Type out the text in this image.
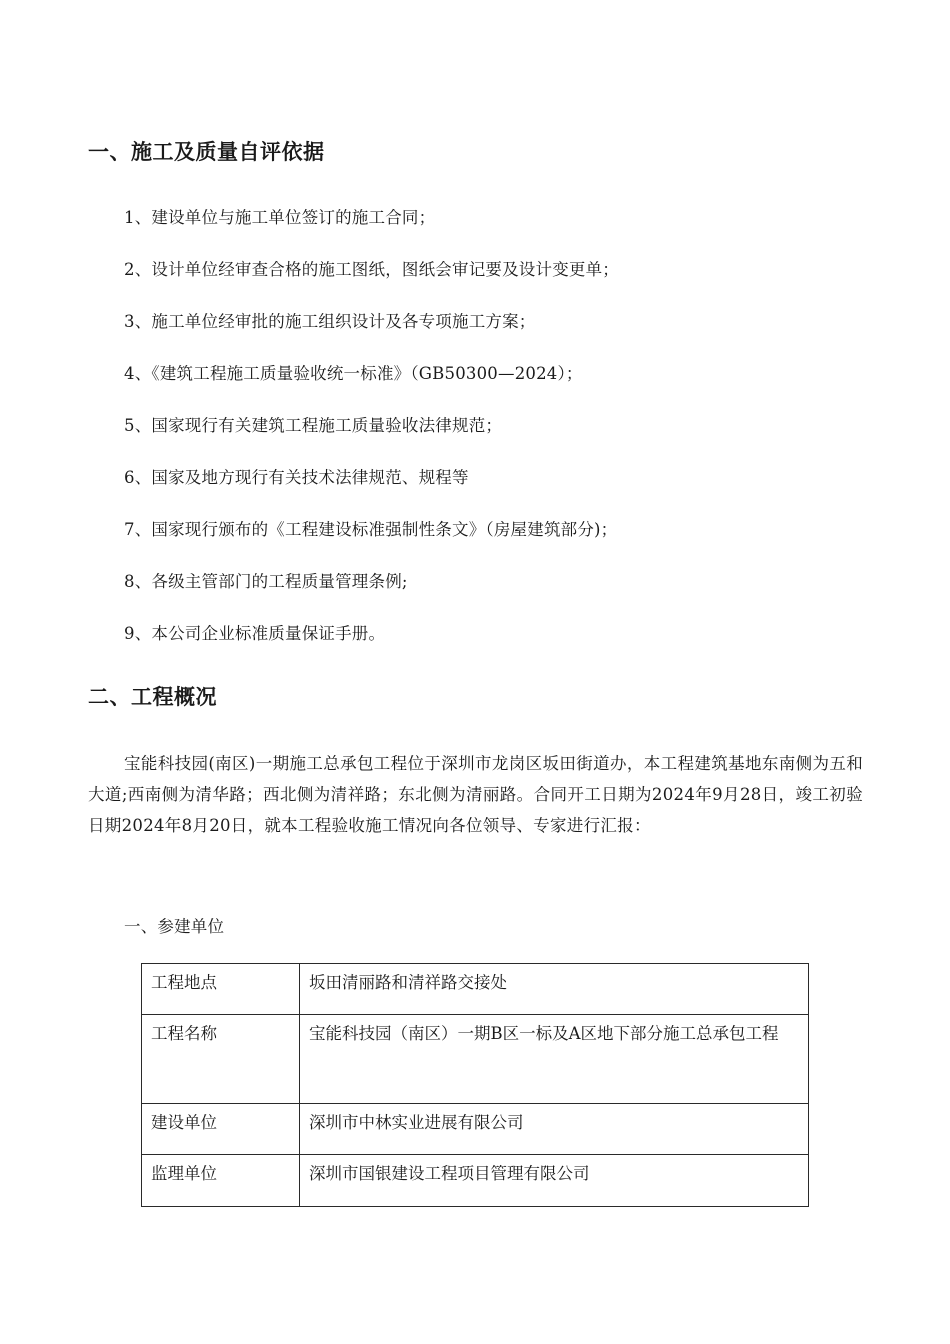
一、施工及质量自评依据
1、建设单位与施工单位签订的施工合同；
2、设计单位经审查合格的施工图纸，图纸会审记要及设计变更单；
3、施工单位经审批的施工组织设计及各专项施工方案；
4、《建筑工程施工质量验收统一标准》（GB50300—2024）；
5、国家现行有关建筑工程施工质量验收法律规范；
6、国家及地方现行有关技术法律规范、规程等
7、国家现行颁布的《工程建设标准强制性条文》（房屋建筑部分)；
8、各级主管部门的工程质量管理条例;
9、本公司企业标准质量保证手册。
二、工程概况

宝能科技园(南区)一期施工总承包工程位于深圳市龙岗区坂田街道办，本工程建筑基地东南侧为五和大道;西南侧为清华路；西北侧为清祥路；东北侧为清丽路。合同开工日期为2024年9月28日，竣工初验日期2024年8月20日，就本工程验收施工情况向各位领导、专家进行汇报：

一、参建单位
工程地点	坂田清丽路和清祥路交接处
工程名称	宝能科技园（南区）一期B区一标及A区地下部分施工总承包工程
建设单位	深圳市中林实业进展有限公司
监理单位	深圳市国银建设工程项目管理有限公司
